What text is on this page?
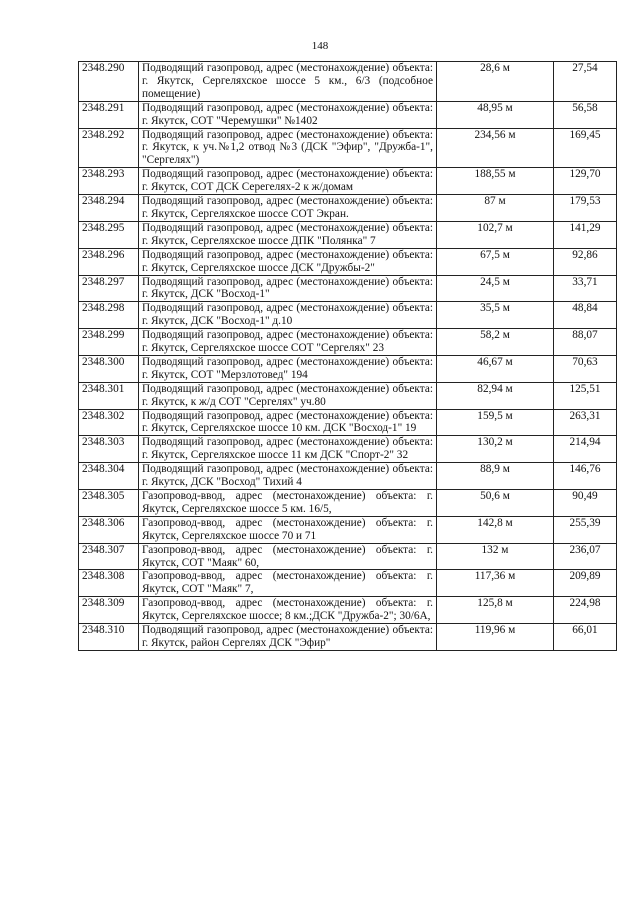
148
2348.290	Подводящий газопровод, адрес (местонахождение) объекта: г. Якутск, Сергеляхское шоссе 5 км., 6/3 (подсобное помещение)	28,6 м	27,54
2348.291	Подводящий газопровод, адрес (местонахождение) объекта: г. Якутск, СОТ "Черемушки" №1402	48,95 м	56,58
2348.292	Подводящий газопровод, адрес (местонахождение) объекта: г. Якутск, к уч.№1,2 отвод №3 (ДСК "Эфир", "Дружба-1", "Сергелях")	234,56 м	169,45
2348.293	Подводящий газопровод, адрес (местонахождение) объекта: г. Якутск, СОТ ДСК Серегелях-2 к ж/домам	188,55 м	129,70
2348.294	Подводящий газопровод, адрес (местонахождение) объекта: г. Якутск, Сергеляхское шоссе СОТ Экран.	87 м	179,53
2348.295	Подводящий газопровод, адрес (местонахождение) объекта: г. Якутск, Сергеляхское шоссе ДПК "Полянка" 7	102,7 м	141,29
2348.296	Подводящий газопровод, адрес (местонахождение) объекта: г. Якутск, Сергеляхское шоссе ДСК "Дружбы-2"	67,5 м	92,86
2348.297	Подводящий газопровод, адрес (местонахождение) объекта: г. Якутск, ДСК "Восход-1"	24,5 м	33,71
2348.298	Подводящий газопровод, адрес (местонахождение) объекта: г. Якутск, ДСК "Восход-1" д.10	35,5 м	48,84
2348.299	Подводящий газопровод, адрес (местонахождение) объекта: г. Якутск, Сергеляхское шоссе СОТ "Сергелях" 23	58,2 м	88,07
2348.300	Подводящий газопровод, адрес (местонахождение) объекта: г. Якутск, СОТ "Мерзлотовед" 194	46,67 м	70,63
2348.301	Подводящий газопровод, адрес (местонахождение) объекта: г. Якутск, к ж/д СОТ "Сергелях" уч.80	82,94 м	125,51
2348.302	Подводящий газопровод, адрес (местонахождение) объекта: г. Якутск, Сергеляхское шоссе 10 км. ДСК "Восход-1" 19	159,5 м	263,31
2348.303	Подводящий газопровод, адрес (местонахождение) объекта: г. Якутск, Сергеляхское шоссе 11 км ДСК "Спорт-2" 32	130,2 м	214,94
2348.304	Подводящий газопровод, адрес (местонахождение) объекта: г. Якутск, ДСК "Восход" Тихий 4	88,9 м	146,76
2348.305	Газопровод-ввод, адрес (местонахождение) объекта: г. Якутск, Сергеляхское шоссе 5 км. 16/5,	50,6 м	90,49
2348.306	Газопровод-ввод, адрес (местонахождение) объекта: г. Якутск, Сергеляхское шоссе 70 и 71	142,8 м	255,39
2348.307	Газопровод-ввод, адрес (местонахождение) объекта: г. Якутск, СОТ "Маяк" 60,	132 м	236,07
2348.308	Газопровод-ввод, адрес (местонахождение) объекта: г. Якутск, СОТ "Маяк" 7,	117,36 м	209,89
2348.309	Газопровод-ввод, адрес (местонахождение) объекта: г. Якутск, Сергеляхское шоссе; 8 км.;ДСК "Дружба-2"; 30/6А,	125,8 м	224,98
2348.310	Подводящий газопровод, адрес (местонахождение) объекта: г. Якутск, район Сергелях ДСК "Эфир"	119,96 м	66,01
